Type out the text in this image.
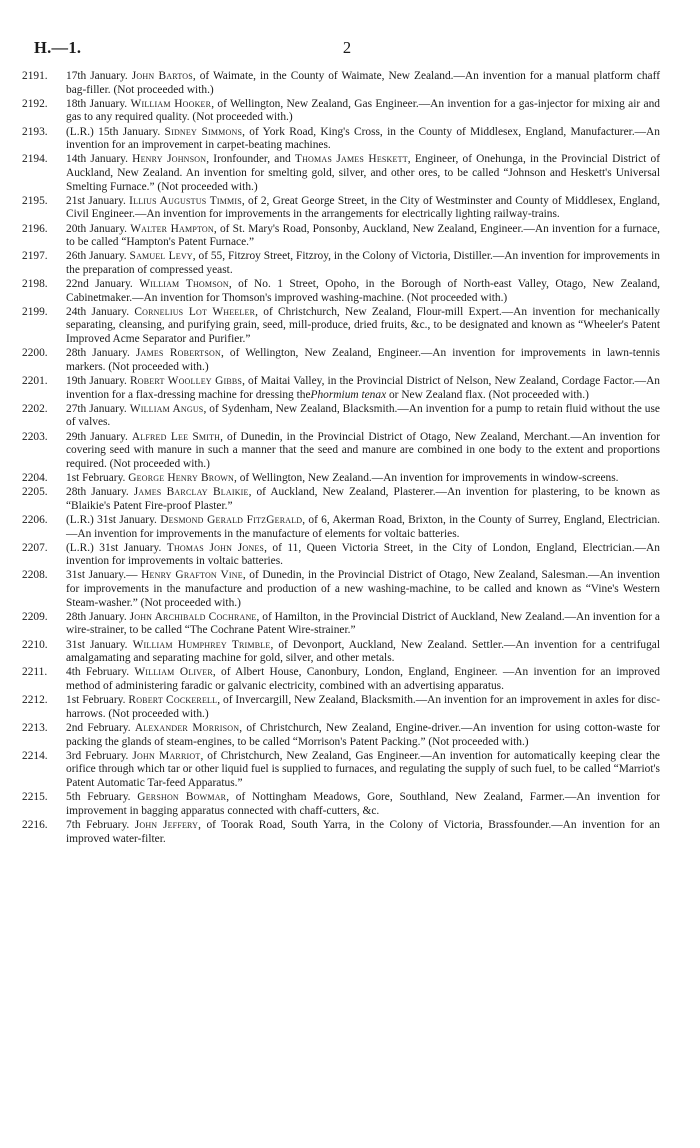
H.—1.	2
2191.	17th January. John Bartos, of Waimate, in the County of Waimate, New Zealand.—An invention for a manual platform chaff bag-filler. (Not proceeded with.)
2192.	18th January. William Hooker, of Wellington, New Zealand, Gas Engineer.—An invention for a gas-injector for mixing air and gas to any required quality. (Not proceeded with.)
2193.	(L.R.) 15th January. Sidney Simmons, of York Road, King's Cross, in the County of Middlesex, England, Manufacturer.—An invention for an improvement in carpet-beating machines.
2194.	14th January. Henry Johnson, Ironfounder, and Thomas James Heskett, Engineer, of Onehunga, in the Provincial District of Auckland, New Zealand. An invention for smelting gold, silver, and other ores, to be called “Johnson and Heskett's Universal Smelting Furnace.” (Not proceeded with.)
2195.	21st January. Illius Augustus Timmis, of 2, Great George Street, in the City of Westminster and County of Middlesex, England, Civil Engineer.—An invention for improvements in the arrangements for electrically lighting railway-trains.
2196.	20th January. Walter Hampton, of St. Mary's Road, Ponsonby, Auckland, New Zealand, Engineer.—An invention for a furnace, to be called “Hampton's Patent Furnace.”
2197.	26th January. Samuel Levy, of 55, Fitzroy Street, Fitzroy, in the Colony of Victoria, Distiller.—An invention for improvements in the preparation of compressed yeast.
2198.	22nd January. William Thomson, of No. 1 Street, Opoho, in the Borough of North-east Valley, Otago, New Zealand, Cabinetmaker.—An invention for Thomson's improved washing-machine. (Not proceeded with.)
2199.	24th January. Cornelius Lot Wheeler, of Christchurch, New Zealand, Flour-mill Expert.—An invention for mechanically separating, cleansing, and purifying grain, seed, mill-produce, dried fruits, &c., to be designated and known as “Wheeler's Patent Improved Acme Separator and Purifier.”
2200.	28th January. James Robertson, of Wellington, New Zealand, Engineer.—An invention for improvements in lawn-tennis markers. (Not proceeded with.)
2201.	19th January. Robert Woolley Gibbs, of Maitai Valley, in the Provincial District of Nelson, New Zealand, Cordage Factor.—An invention for a flax-dressing machine for dressing thePhormium tenax or New Zealand flax. (Not proceeded with.)
2202.	27th January. William Angus, of Sydenham, New Zealand, Blacksmith.—An invention for a pump to retain fluid without the use of valves.
2203.	29th January. Alfred Lee Smith, of Dunedin, in the Provincial District of Otago, New Zealand, Merchant.—An invention for covering seed with manure in such a manner that the seed and manure are combined in one body to the extent and proportions required. (Not proceeded with.)
2204.	1st February. George Henry Brown, of Wellington, New Zealand.—An invention for improvements in window-screens.
2205.	28th January. James Barclay Blaikie, of Auckland, New Zealand, Plasterer.—An invention for plastering, to be known as “Blaikie's Patent Fire-proof Plaster.”
2206.	(L.R.) 31st January. Desmond Gerald FitzGerald, of 6, Akerman Road, Brixton, in the County of Surrey, England, Electrician.—An invention for improvements in the manufacture of elements for voltaic batteries.
2207.	(L.R.) 31st January. Thomas John Jones, of 11, Queen Victoria Street, in the City of London, England, Electrician.—An invention for improvements in voltaic batteries.
2208.	31st January.— Henry Grafton Vine, of Dunedin, in the Provincial District of Otago, New Zealand, Salesman.—An invention for improvements in the manufacture and production of a new washing-machine, to be called and known as “Vine's Western Steam-washer.” (Not proceeded with.)
2209.	28th January. John Archibald Cochrane, of Hamilton, in the Provincial District of Auckland, New Zealand.—An invention for a wire-strainer, to be called “The Cochrane Patent Wire-strainer.”
2210.	31st January. William Humphrey Trimble, of Devonport, Auckland, New Zealand. Settler.—An invention for a centrifugal amalgamating and separating machine for gold, silver, and other metals.
2211.	4th February. William Oliver, of Albert House, Canonbury, London, England, Engineer. —An invention for an improved method of administering faradic or galvanic electricity, combined with an advertising apparatus.
2212.	1st February. Robert Cockerell, of Invercargill, New Zealand, Blacksmith.—An invention for an improvement in axles for disc-harrows. (Not proceeded with.)
2213.	2nd February. Alexander Morrison, of Christchurch, New Zealand, Engine-driver.—An invention for using cotton-waste for packing the glands of steam-engines, to be called “Morrison's Patent Packing.” (Not proceeded with.)
2214.	3rd February. John Marriot, of Christchurch, New Zealand, Gas Engineer.—An invention for automatically keeping clear the orifice through which tar or other liquid fuel is supplied to furnaces, and regulating the supply of such fuel, to be called “Marriot's Patent Automatic Tar-feed Apparatus.”
2215.	5th February. Gershon Bowmar, of Nottingham Meadows, Gore, Southland, New Zealand, Farmer.—An invention for improvement in bagging apparatus connected with chaff-cutters, &c.
2216.	7th February. John Jeffery, of Toorak Road, South Yarra, in the Colony of Victoria, Brassfounder.—An invention for an improved water-filter.
